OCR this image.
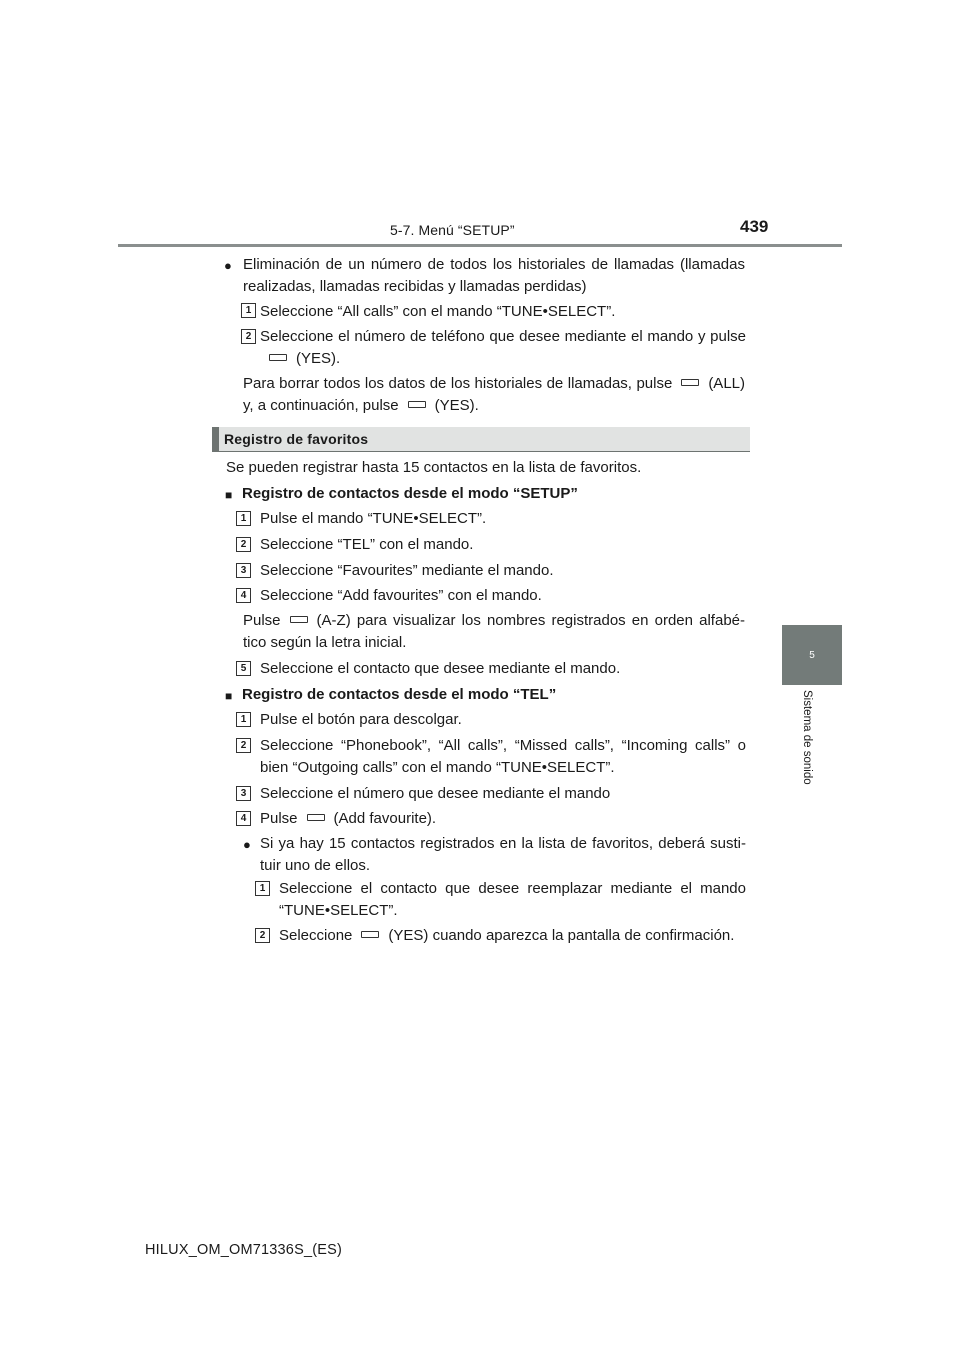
5-7. Menú “SETUP”	439
5
Sistema de sonido
● Eliminación de un número de todos los historiales de llamadas (llamadas realizadas, llamadas recibidas y llamadas perdidas)
1 Seleccione “All calls” con el mando “TUNE•SELECT”.
2 Seleccione el número de teléfono que desee mediante el mando y pulse(YES).
Para borrar todos los datos de los historiales de llamadas, pulse (ALL) y, a continuación, pulse (YES).
Registro de favoritos
Se pueden registrar hasta 15 contactos en la lista de favoritos.
■ Registro de contactos desde el modo “SETUP”
1 Pulse el mando “TUNE•SELECT”.
2 Seleccione “TEL” con el mando.
3 Seleccione “Favourites” mediante el mando.
4 Seleccione “Add favourites” con el mando.
Pulse (A-Z) para visualizar los nombres registrados en orden alfabé-tico según la letra inicial.
5 Seleccione el contacto que desee mediante el mando.
■ Registro de contactos desde el modo “TEL”
1 Pulse el botón para descolgar.
2 Seleccione “Phonebook”, “All calls”, “Missed calls”, “Incoming calls” o bien “Outgoing calls” con el mando “TUNE•SELECT”.
3 Seleccione el número que desee mediante el mando
4 Pulse (Add favourite).
● Si ya hay 15 contactos registrados en la lista de favoritos, deberá susti-tuir uno de ellos.
1 Seleccione el contacto que desee reemplazar mediante el mando “TUNE•SELECT”.
2 Seleccione (YES) cuando aparezca la pantalla de confirmación.
HILUX_OM_OM71336S_(ES)
